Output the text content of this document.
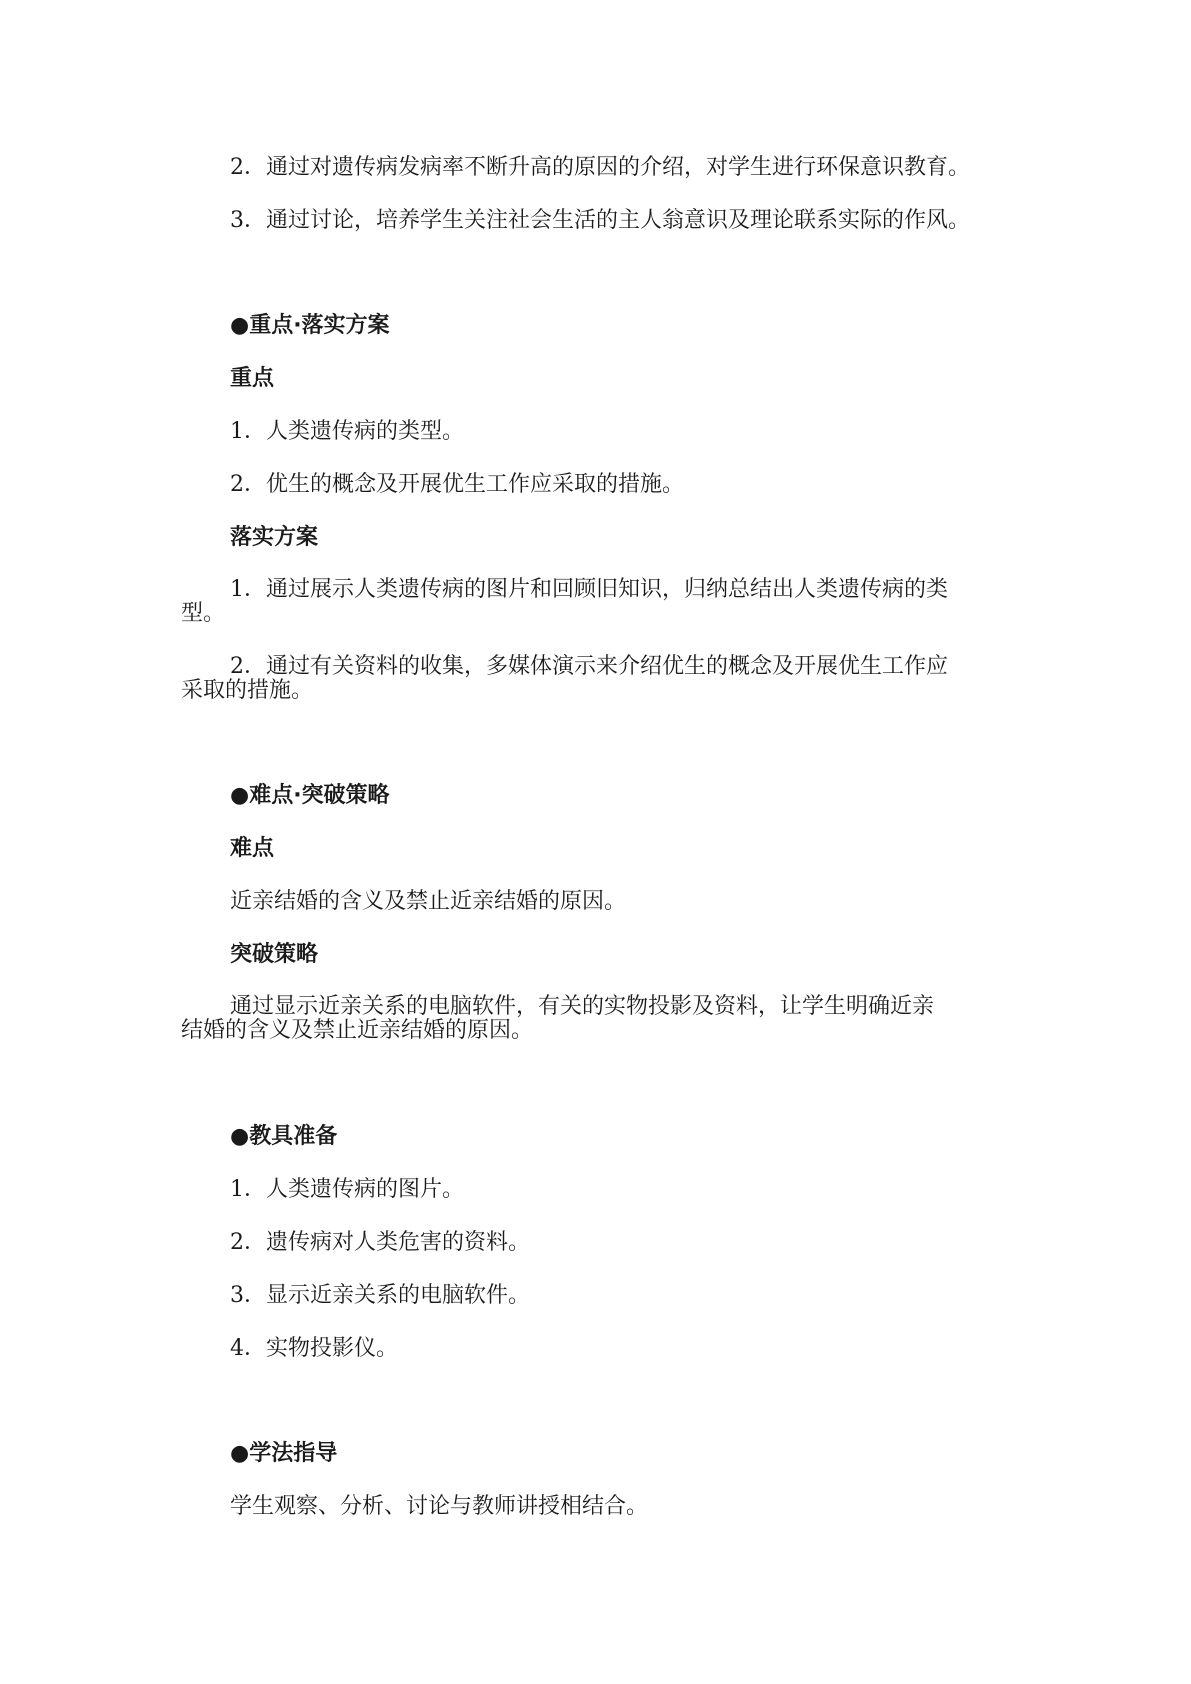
2．通过对遗传病发病率不断升高的原因的介绍，对学生进行环保意识教育。
3．通过讨论，培养学生关注社会生活的主人翁意识及理论联系实际的作风。
●重点·落实方案
重点
1．人类遗传病的类型。
2．优生的概念及开展优生工作应采取的措施。
落实方案
1．通过展示人类遗传病的图片和回顾旧知识，归纳总结出人类遗传病的类
型。
2．通过有关资料的收集，多媒体演示来介绍优生的概念及开展优生工作应
采取的措施。
●难点·突破策略
难点
近亲结婚的含义及禁止近亲结婚的原因。
突破策略
通过显示近亲关系的电脑软件，有关的实物投影及资料，让学生明确近亲
结婚的含义及禁止近亲结婚的原因。
●教具准备
1．人类遗传病的图片。
2．遗传病对人类危害的资料。
3．显示近亲关系的电脑软件。
4．实物投影仪。
●学法指导
学生观察、分析、讨论与教师讲授相结合。
